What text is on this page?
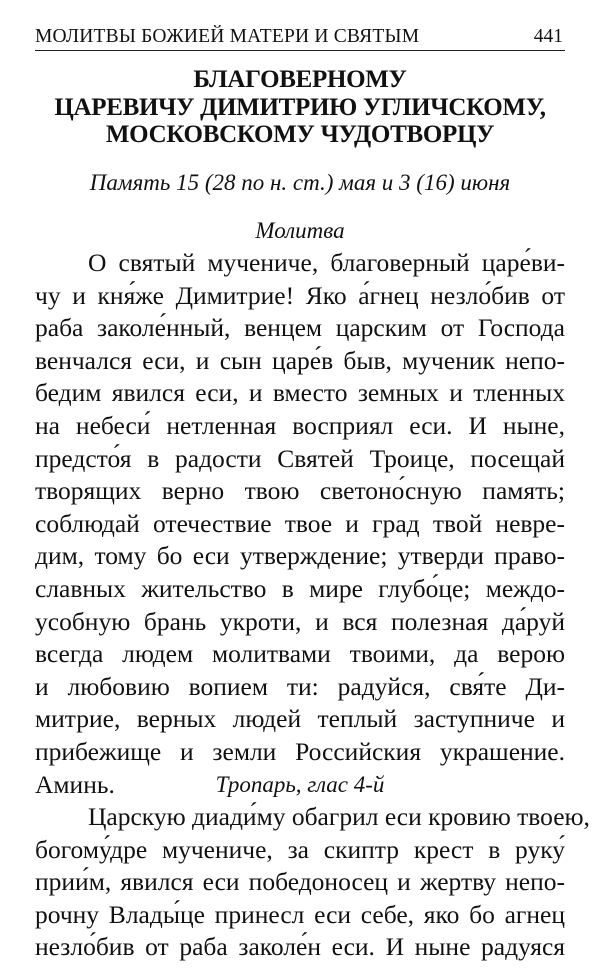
МОЛИТВЫ БОЖИЕЙ МАТЕРИ И СВЯТЫМ	441
БЛАГОВЕРНОМУ
ЦАРЕВИЧУ ДИМИТРИЮ УГЛИЧСКОМУ,
МОСКОВСКОМУ ЧУДОТВОРЦУ
Память 15 (28 по н. ст.) мая и 3 (16) июня
Молитва
О святый мучениче, благоверный царе́ви-
чу и кня́же Димитрие! Яко а́гнец незло́бив от
раба заколе́нный, венцем царским от Господа
венчался еси, и сын царе́в быв, мученик непо-
бедим явился еси, и вместо земных и тленных
на небеси́ нетленная восприял еси. И ныне,
предсто́я в радости Святей Троице, посещай
творящих верно твою светоно́сную память;
соблюдай отечествие твое и град твой невре-
дим, тому бо еси утверждение; утверди право-
славных жительство в мире глубо́це; междо-
усобную брань укроти, и вся полезная да́руй
всегда людем молитвами твоими, да верою
и любовию вопием ти: радуйся, свя́те Ди-
митрие, верных людей теплый заступниче и
прибежище и земли Российския украшение.
Аминь.	Тропарь, глас 4-й
Царскую диади́му обагрил еси кровию твоею,
богому́дре мучениче, за скиптр крест в руку́
прии́м, явился еси победоносец и жертву непо-
рочну Влады́це принесл еси себе, яко бо агнец
незло́бив от раба заколе́н еси. И ныне радуяся
